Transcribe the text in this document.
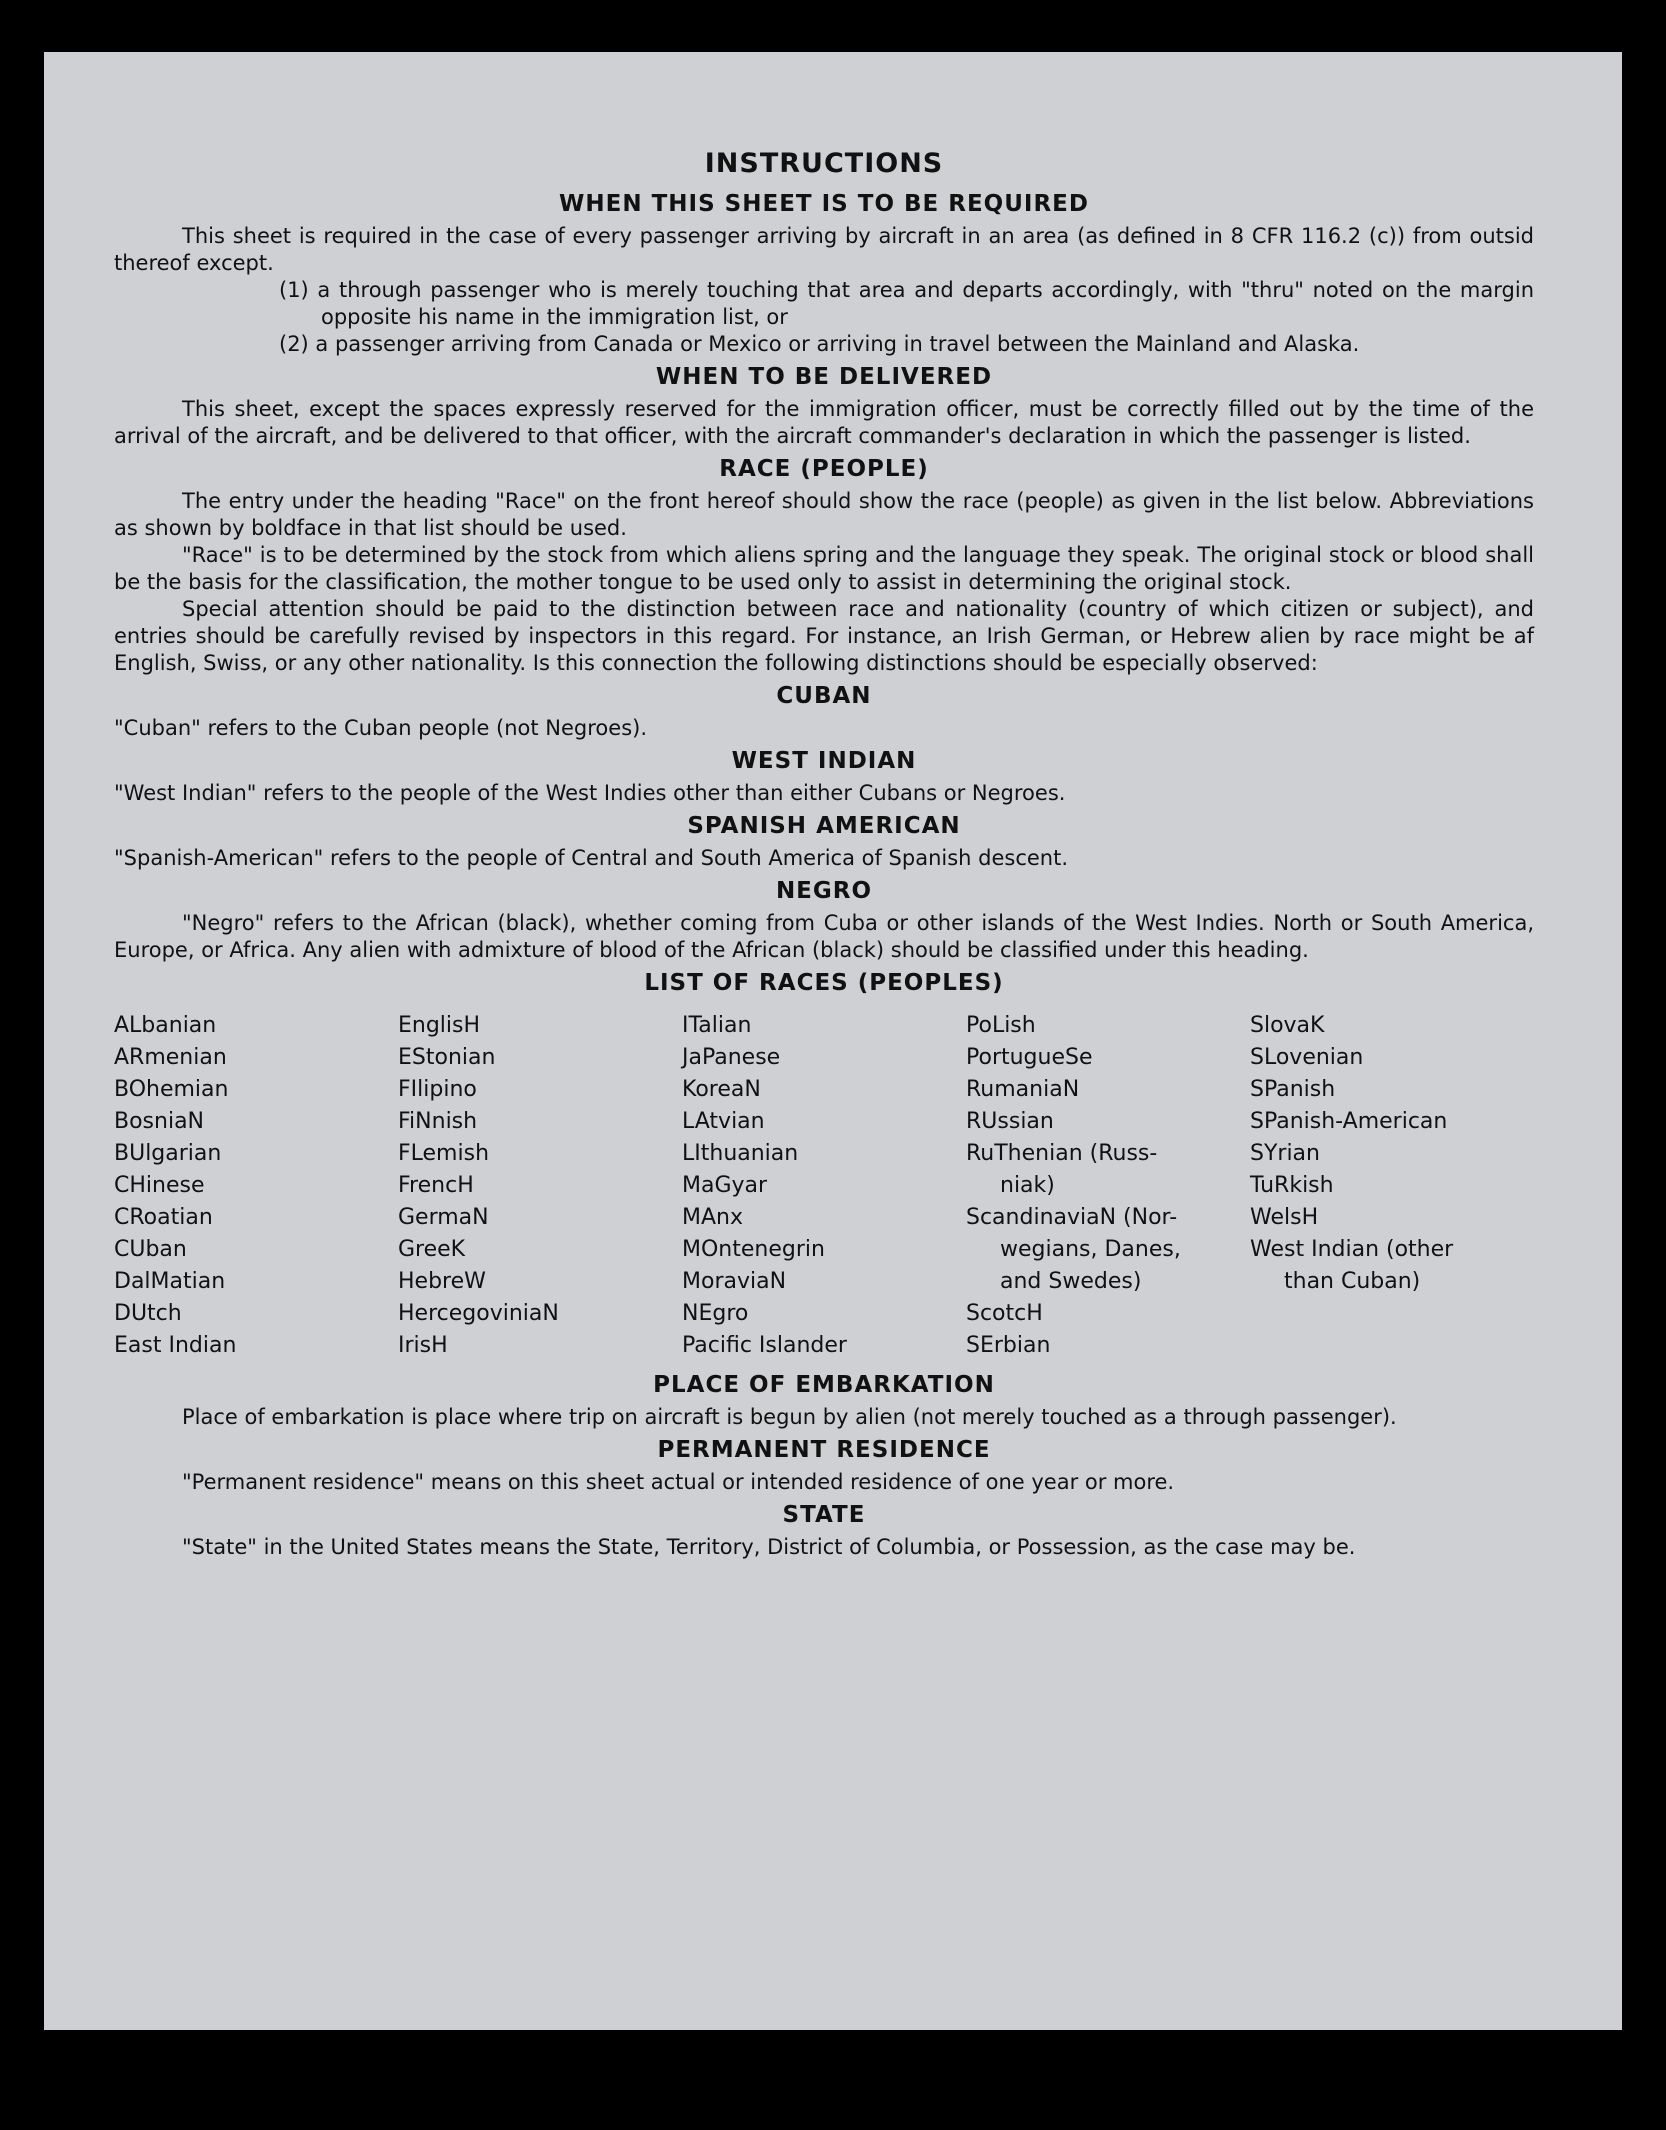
INSTRUCTIONS
WHEN THIS SHEET IS TO BE REQUIRED

This sheet is required in the case of every passenger arriving by aircraft in an area (as defined in 8 CFR 116.2 (c)) from outsid thereof except.

(1) a through passenger who is merely touching that area and departs accordingly, with "thru" noted on the margin opposite his name in the immigration list, or

(2) a passenger arriving from Canada or Mexico or arriving in travel between the Mainland and Alaska.

WHEN TO BE DELIVERED

This sheet, except the spaces expressly reserved for the immigration officer, must be correctly filled out by the time of the arrival of the aircraft, and be delivered to that officer, with the aircraft commander's declaration in which the passenger is listed.

RACE (PEOPLE)

The entry under the heading "Race" on the front hereof should show the race (people) as given in the list below. Abbreviations as shown by boldface in that list should be used.

"Race" is to be determined by the stock from which aliens spring and the language they speak. The original stock or blood shall be the basis for the classification, the mother tongue to be used only to assist in determining the original stock.

Special attention should be paid to the distinction between race and nationality (country of which citizen or subject), and entries should be carefully revised by inspectors in this regard. For instance, an Irish German, or Hebrew alien by race might be af English, Swiss, or any other nationality. Is this connection the following distinctions should be especially observed:

CUBAN

"Cuban" refers to the Cuban people (not Negroes).

WEST INDIAN

"West Indian" refers to the people of the West Indies other than either Cubans or Negroes.

SPANISH AMERICAN

"Spanish-American" refers to the people of Central and South America of Spanish descent.

NEGRO

"Negro" refers to the African (black), whether coming from Cuba or other islands of the West Indies. North or South America, Europe, or Africa. Any alien with admixture of blood of the African (black) should be classified under this heading.

LIST OF RACES (PEOPLES)
ALbanian
ARmenian
BOhemian
BosniaN
BUlgarian
CHinese
CRoatian
CUban
DalMatian
DUtch
East Indian
EnglisH
EStonian
FIlipino
FiNnish
FLemish
FrencH
GermaN
GreeK
HebreW
HercegoviniaN
IrisH
ITalian
JaPanese
KoreaN
LAtvian
LIthuanian
MaGyar
MAnx
MOntenegrin
MoraviaN
NEgro
Pacific Islander
PoLish
PortugueSe
RumaniaN
RUssian
RuThenian (Russ-
niak)
ScandinaviaN (Nor-
wegians, Danes,
and Swedes)
ScotcH
SErbian
SlovaK
SLovenian
SPanish
SPanish-American
SYrian
TuRkish
WelsH
West Indian (other
than Cuban)
PLACE OF EMBARKATION

Place of embarkation is place where trip on aircraft is begun by alien (not merely touched as a through passenger).

PERMANENT RESIDENCE

"Permanent residence" means on this sheet actual or intended residence of one year or more.

STATE

"State" in the United States means the State, Territory, District of Columbia, or Possession, as the case may be.
